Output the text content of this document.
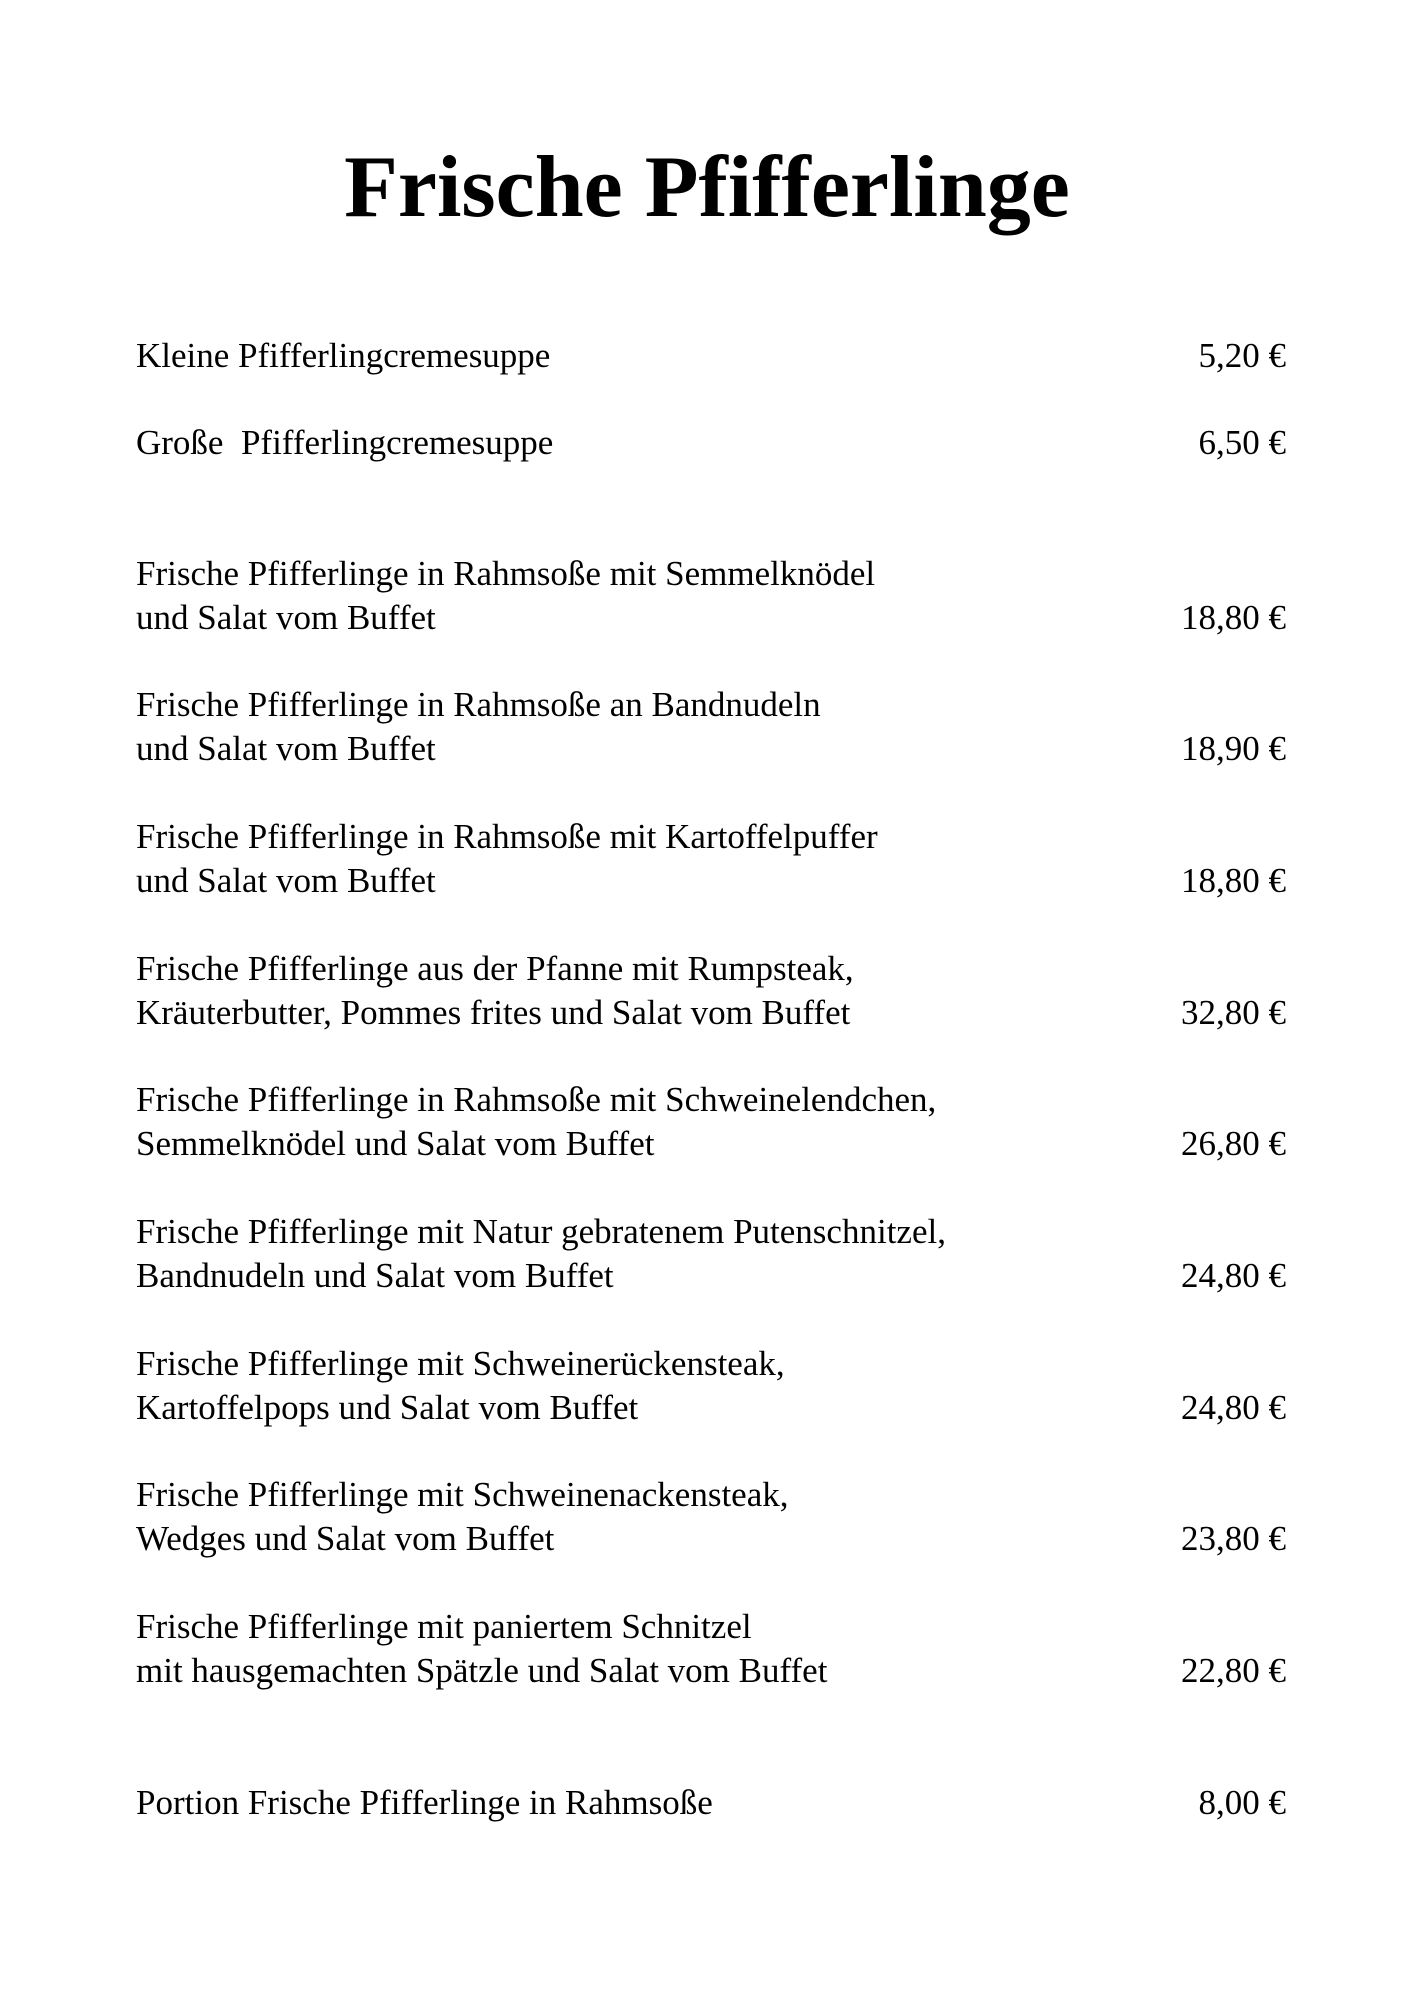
Frische Pfifferlinge
Kleine Pfifferlingcremesuppe	5,20 €
Große  Pfifferlingcremesuppe	6,50 €
Frische Pfifferlinge in Rahmsoße mit Semmelknödel
und Salat vom Buffet	18,80 €
Frische Pfifferlinge in Rahmsoße an Bandnudeln
und Salat vom Buffet	18,90 €
Frische Pfifferlinge in Rahmsoße mit Kartoffelpuffer
und Salat vom Buffet	18,80 €
Frische Pfifferlinge aus der Pfanne mit Rumpsteak,
Kräuterbutter, Pommes frites und Salat vom Buffet	32,80 €
Frische Pfifferlinge in Rahmsoße mit Schweinelendchen,
Semmelknödel und Salat vom Buffet	26,80 €
Frische Pfifferlinge mit Natur gebratenem Putenschnitzel,
Bandnudeln und Salat vom Buffet	24,80 €
Frische Pfifferlinge mit Schweinerückensteak,
Kartoffelpops und Salat vom Buffet	24,80 €
Frische Pfifferlinge mit Schweinenackensteak,
Wedges und Salat vom Buffet	23,80 €
Frische Pfifferlinge mit paniertem Schnitzel
mit hausgemachten Spätzle und Salat vom Buffet	22,80 €
Portion Frische Pfifferlinge in Rahmsoße	8,00 €
